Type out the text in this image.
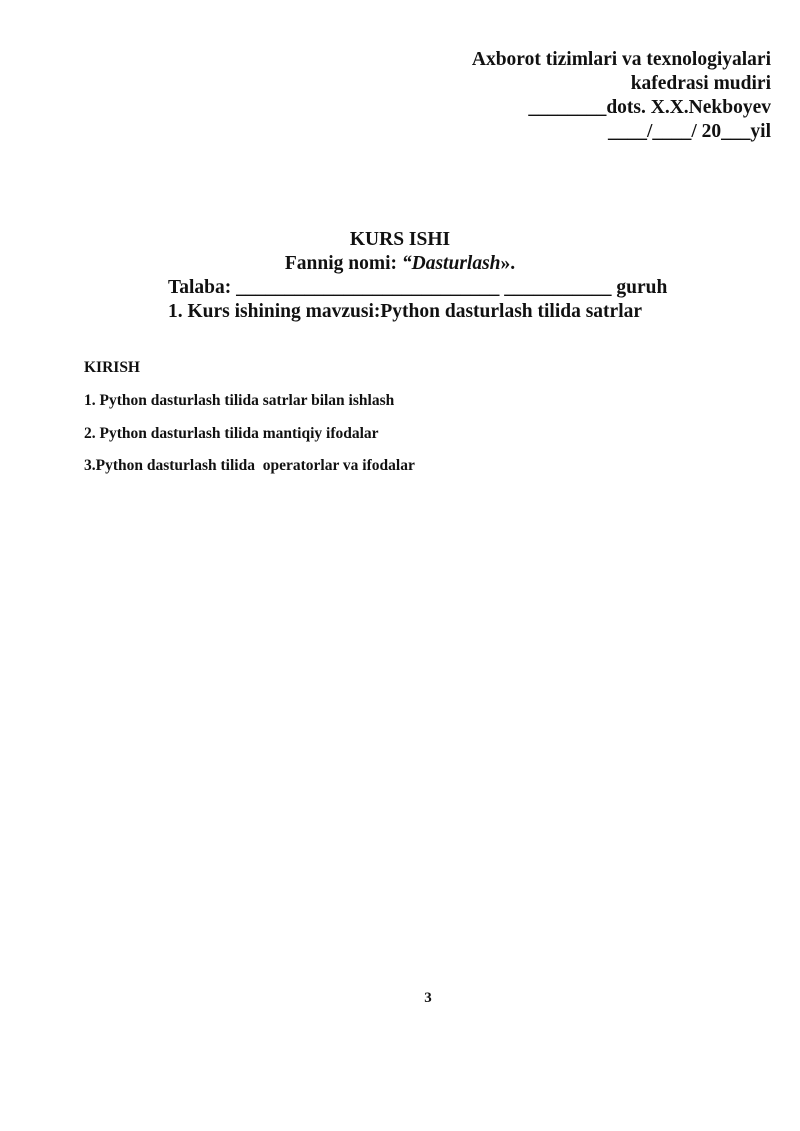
Axborot tizimlari va texnologiyalari
kafedrasi mudiri
________dots. X.X.Nekboyev
____/____/ 20___yil
KURS ISHI
Fannig nomi: “Dasturlash».
Talaba: ___________________________ ___________ guruh
1. Kurs ishining mavzusi:Python dasturlash tilida satrlar
KIRISH
1. Python dasturlash tilida satrlar bilan ishlash
2. Python dasturlash tilida mantiqiy ifodalar
3.Python dasturlash tilida  operatorlar va ifodalar
3
